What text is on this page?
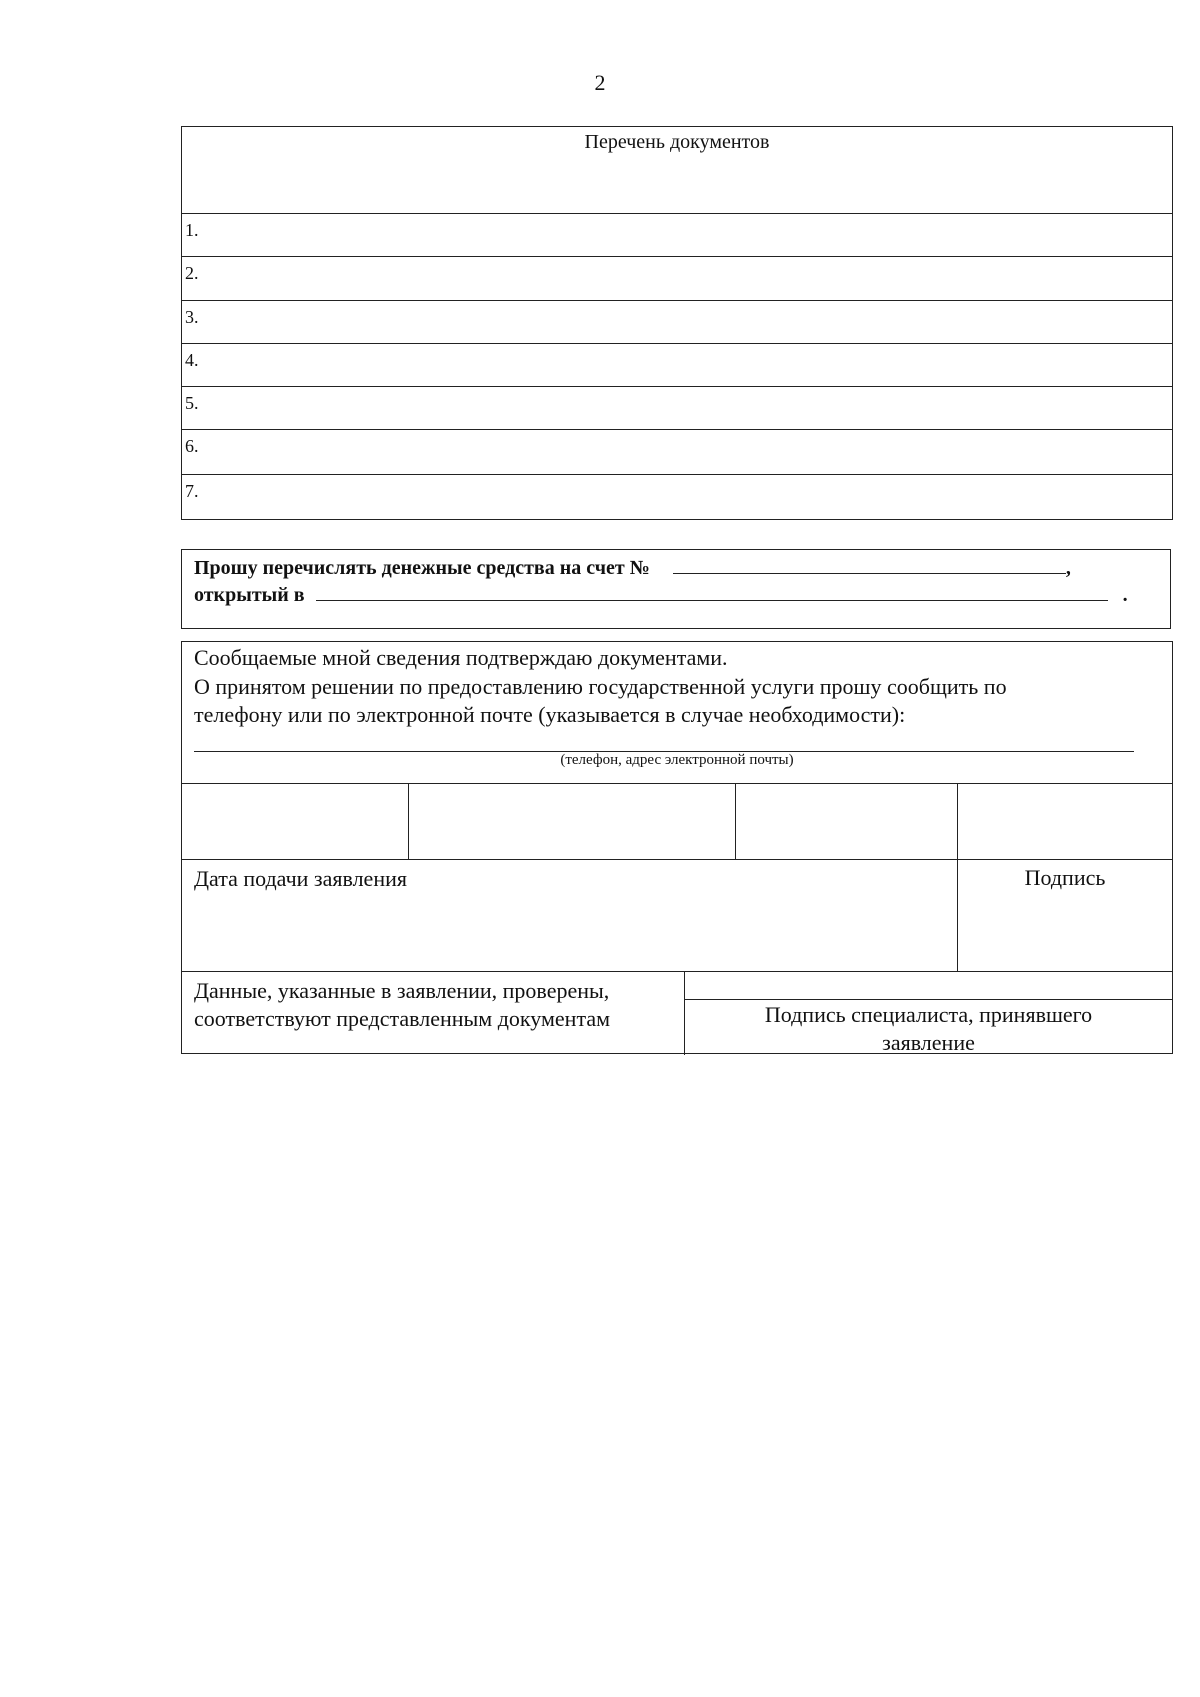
2
Перечень документов
1.
2.
3.
4.
5.
6.
7.
Прошу перечислять денежные средства на счет №	,
открытый в	.
Сообщаемые мной сведения подтверждаю документами.
О принятом решении по предоставлению государственной услуги прошу сообщить по
телефону или по электронной почте (указывается в случае необходимости):
(телефон, адрес электронной почты)
Дата подачи заявления	Подпись
Данные, указанные в заявлении, проверены,
соответствуют представленным документам	Подпись специалиста, принявшего
заявление
